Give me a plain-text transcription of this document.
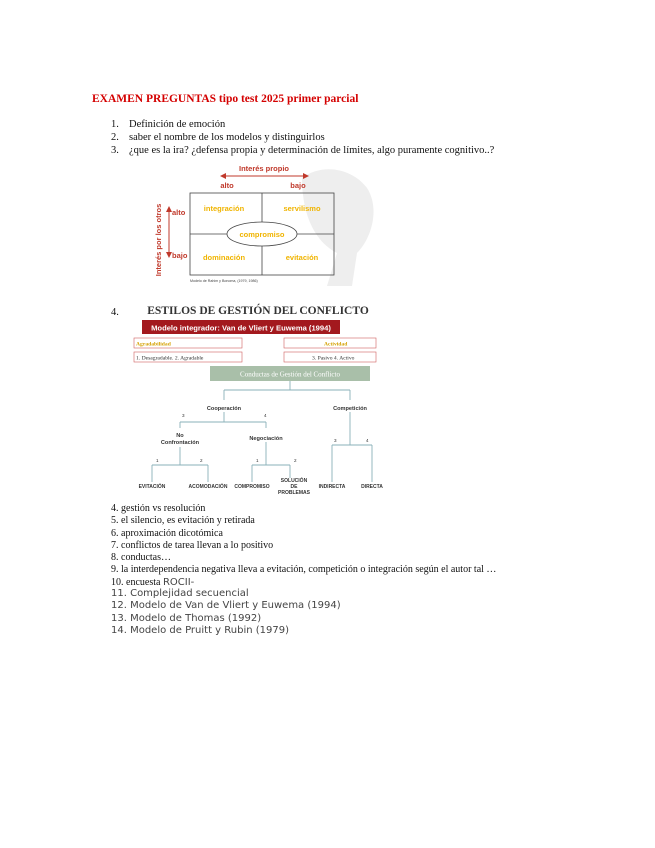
EXAMEN PREGUNTAS tipo test 2025 primer parcial
1. Definición de emoción
2. saber el nombre de los modelos y distinguirlos
3. ¿que es la ira? ¿defensa propia y determinación de límites, algo puramente cognitivo..?
Interés propio
alto	bajo
Interés por los otros alto
bajo
integración	servilismo
compromiso
dominación	evitación
Modelo de Rahim y Bonoma, (1979, 1986)
4. ESTILOS DE GESTIÓN DEL CONFLICTO
Modelo integrador: Van de Vliert y Euwema (1994)
Agradabilidad	Actividad
1. Desagradable. 2. Agradable	3. Pasivo 4. Activo
Conductas de Gestión del Conflicto
Cooperación	Competición
No
Confrontación
Negociación
EVITACIÓN	ACOMODACIÓN COMPROMISO
SOLUCIÓN
DE
PROBLEMAS
INDIRECTA	DIRECTA
3	4
1	2	1	2
3	4
4. gestión vs resolución
5. el silencio, es evitación y retirada
6. aproximación dicotómica
7. conflictos de tarea llevan a lo positivo
8. conductas…
9. la interdependencia negativa lleva a evitación, competición o integración según el autor tal …
10. encuesta ROCII-
11. Complejidad secuencial
12. Modelo de Van de Vliert y Euwema (1994)
13. Modelo de Thomas (1992)
14. Modelo de Pruitt y Rubin (1979)
